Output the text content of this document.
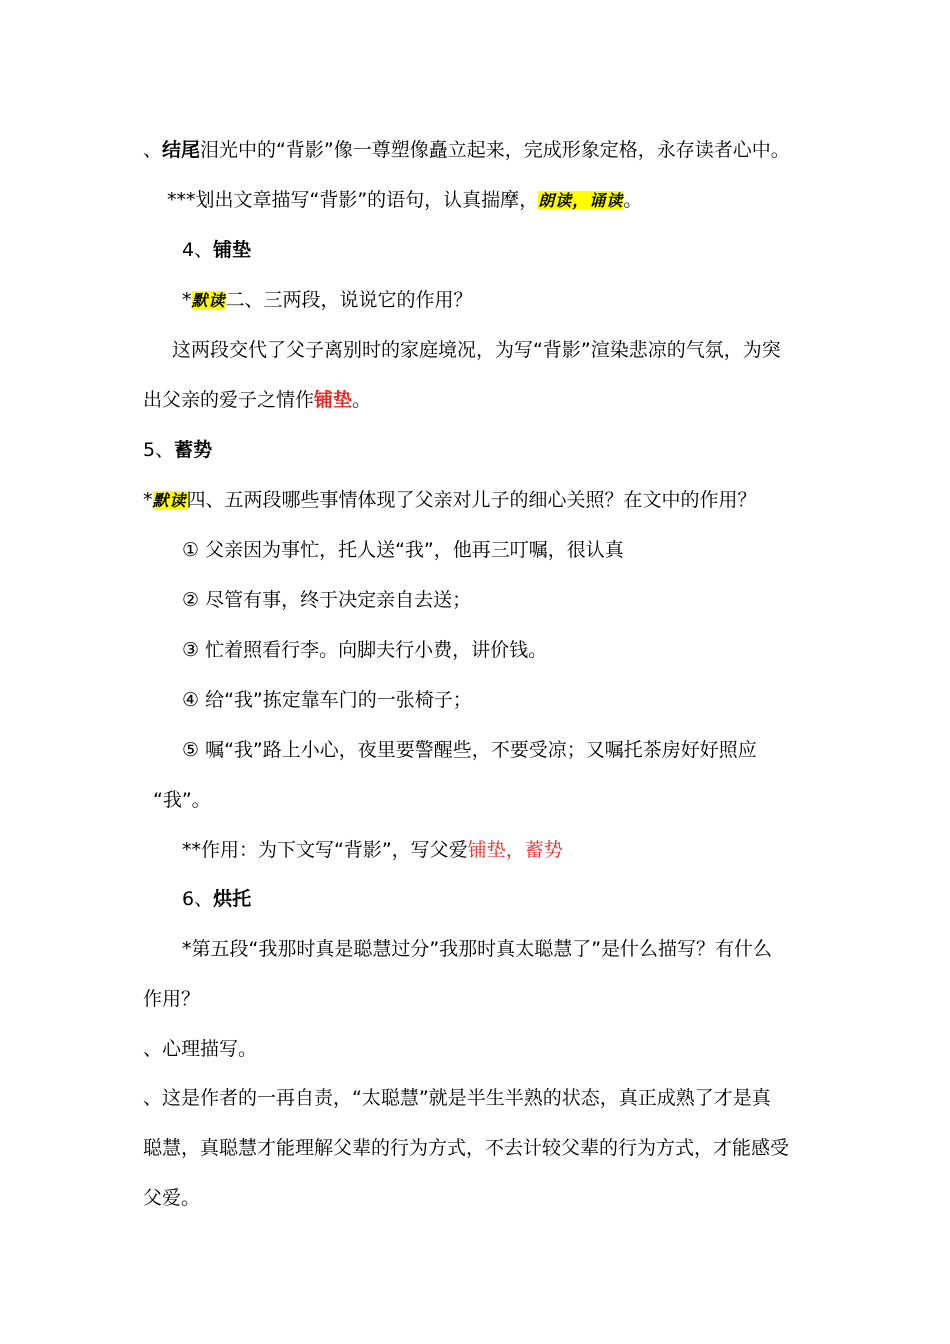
、结尾泪光中的“背影”像一尊塑像矗立起来，完成形象定格，永存读者心中。
***划出文章描写“背影”的语句，认真揣摩，朗读，诵读。
4、铺垫
*默读二、三两段，说说它的作用？
这两段交代了父子离别时的家庭境况，为写“背影”渲染悲凉的气氛，为突
出父亲的爱子之情作铺垫。
5、蓄势
*默读四、五两段哪些事情体现了父亲对儿子的细心关照？在文中的作用？
① 父亲因为事忙，托人送“我”，他再三叮嘱，很认真
② 尽管有事，终于决定亲自去送；
③ 忙着照看行李。向脚夫行小费，讲价钱。
④ 给“我”拣定靠车门的一张椅子；
⑤ 嘱“我”路上小心，夜里要警醒些，不要受凉；又嘱托茶房好好照应
“我”。
**作用：为下文写“背影”，写父爱铺垫，蓄势
6、烘托
*第五段“我那时真是聪慧过分”我那时真太聪慧了”是什么描写？有什么
作用？
、心理描写。
、这是作者的一再自责，“太聪慧”就是半生半熟的状态，真正成熟了才是真
聪慧，真聪慧才能理解父辈的行为方式，不去计较父辈的行为方式，才能感受
父爱。
